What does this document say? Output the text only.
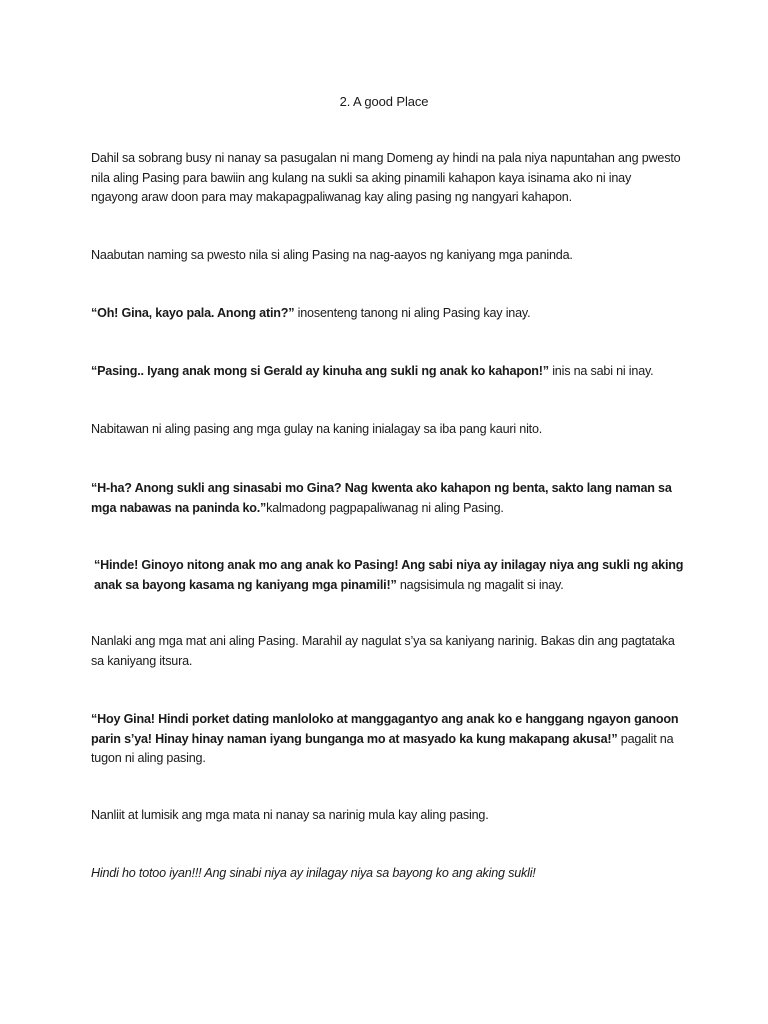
2. A good Place

Dahil sa sobrang busy ni nanay sa pasugalan ni mang Domeng ay hindi na pala niya napuntahan ang pwesto nila aling Pasing para bawiin ang kulang na sukli sa aking pinamili kahapon kaya isinama ako ni inay ngayong araw doon para may makapagpaliwanag kay aling pasing ng nangyari kahapon.

Naabutan naming sa pwesto nila si aling Pasing na nag-aayos ng kaniyang mga paninda.

“Oh! Gina, kayo pala. Anong atin?” inosenteng tanong ni aling Pasing kay inay.

“Pasing.. Iyang anak mong si Gerald ay kinuha ang sukli ng anak ko kahapon!” inis na sabi ni inay.

Nabitawan ni aling pasing ang mga gulay na kaning inialagay sa iba pang kauri nito.

“H-ha? Anong sukli ang sinasabi mo Gina? Nag kwenta ako kahapon ng benta, sakto lang naman sa mga nabawas na paninda ko.”kalmadong pagpapaliwanag ni aling Pasing.

“Hinde! Ginoyo nitong anak mo ang anak ko Pasing! Ang sabi niya ay inilagay niya ang sukli ng aking anak sa bayong kasama ng kaniyang mga pinamili!” nagsisimula ng magalit si inay.

Nanlaki ang mga mat ani aling Pasing. Marahil ay nagulat s’ya sa kaniyang narinig. Bakas din ang pagtataka sa kaniyang itsura.

“Hoy Gina! Hindi porket dating manloloko at manggagantyo ang anak ko e hanggang ngayon ganoon parin s’ya! Hinay hinay naman iyang bunganga mo at masyado ka kung makapang akusa!” pagalit na tugon ni aling pasing.

Nanliit at lumisik ang mga mata ni nanay sa narinig mula kay aling pasing.

Hindi ho totoo iyan!!! Ang sinabi niya ay inilagay niya sa bayong ko ang aking sukli!
